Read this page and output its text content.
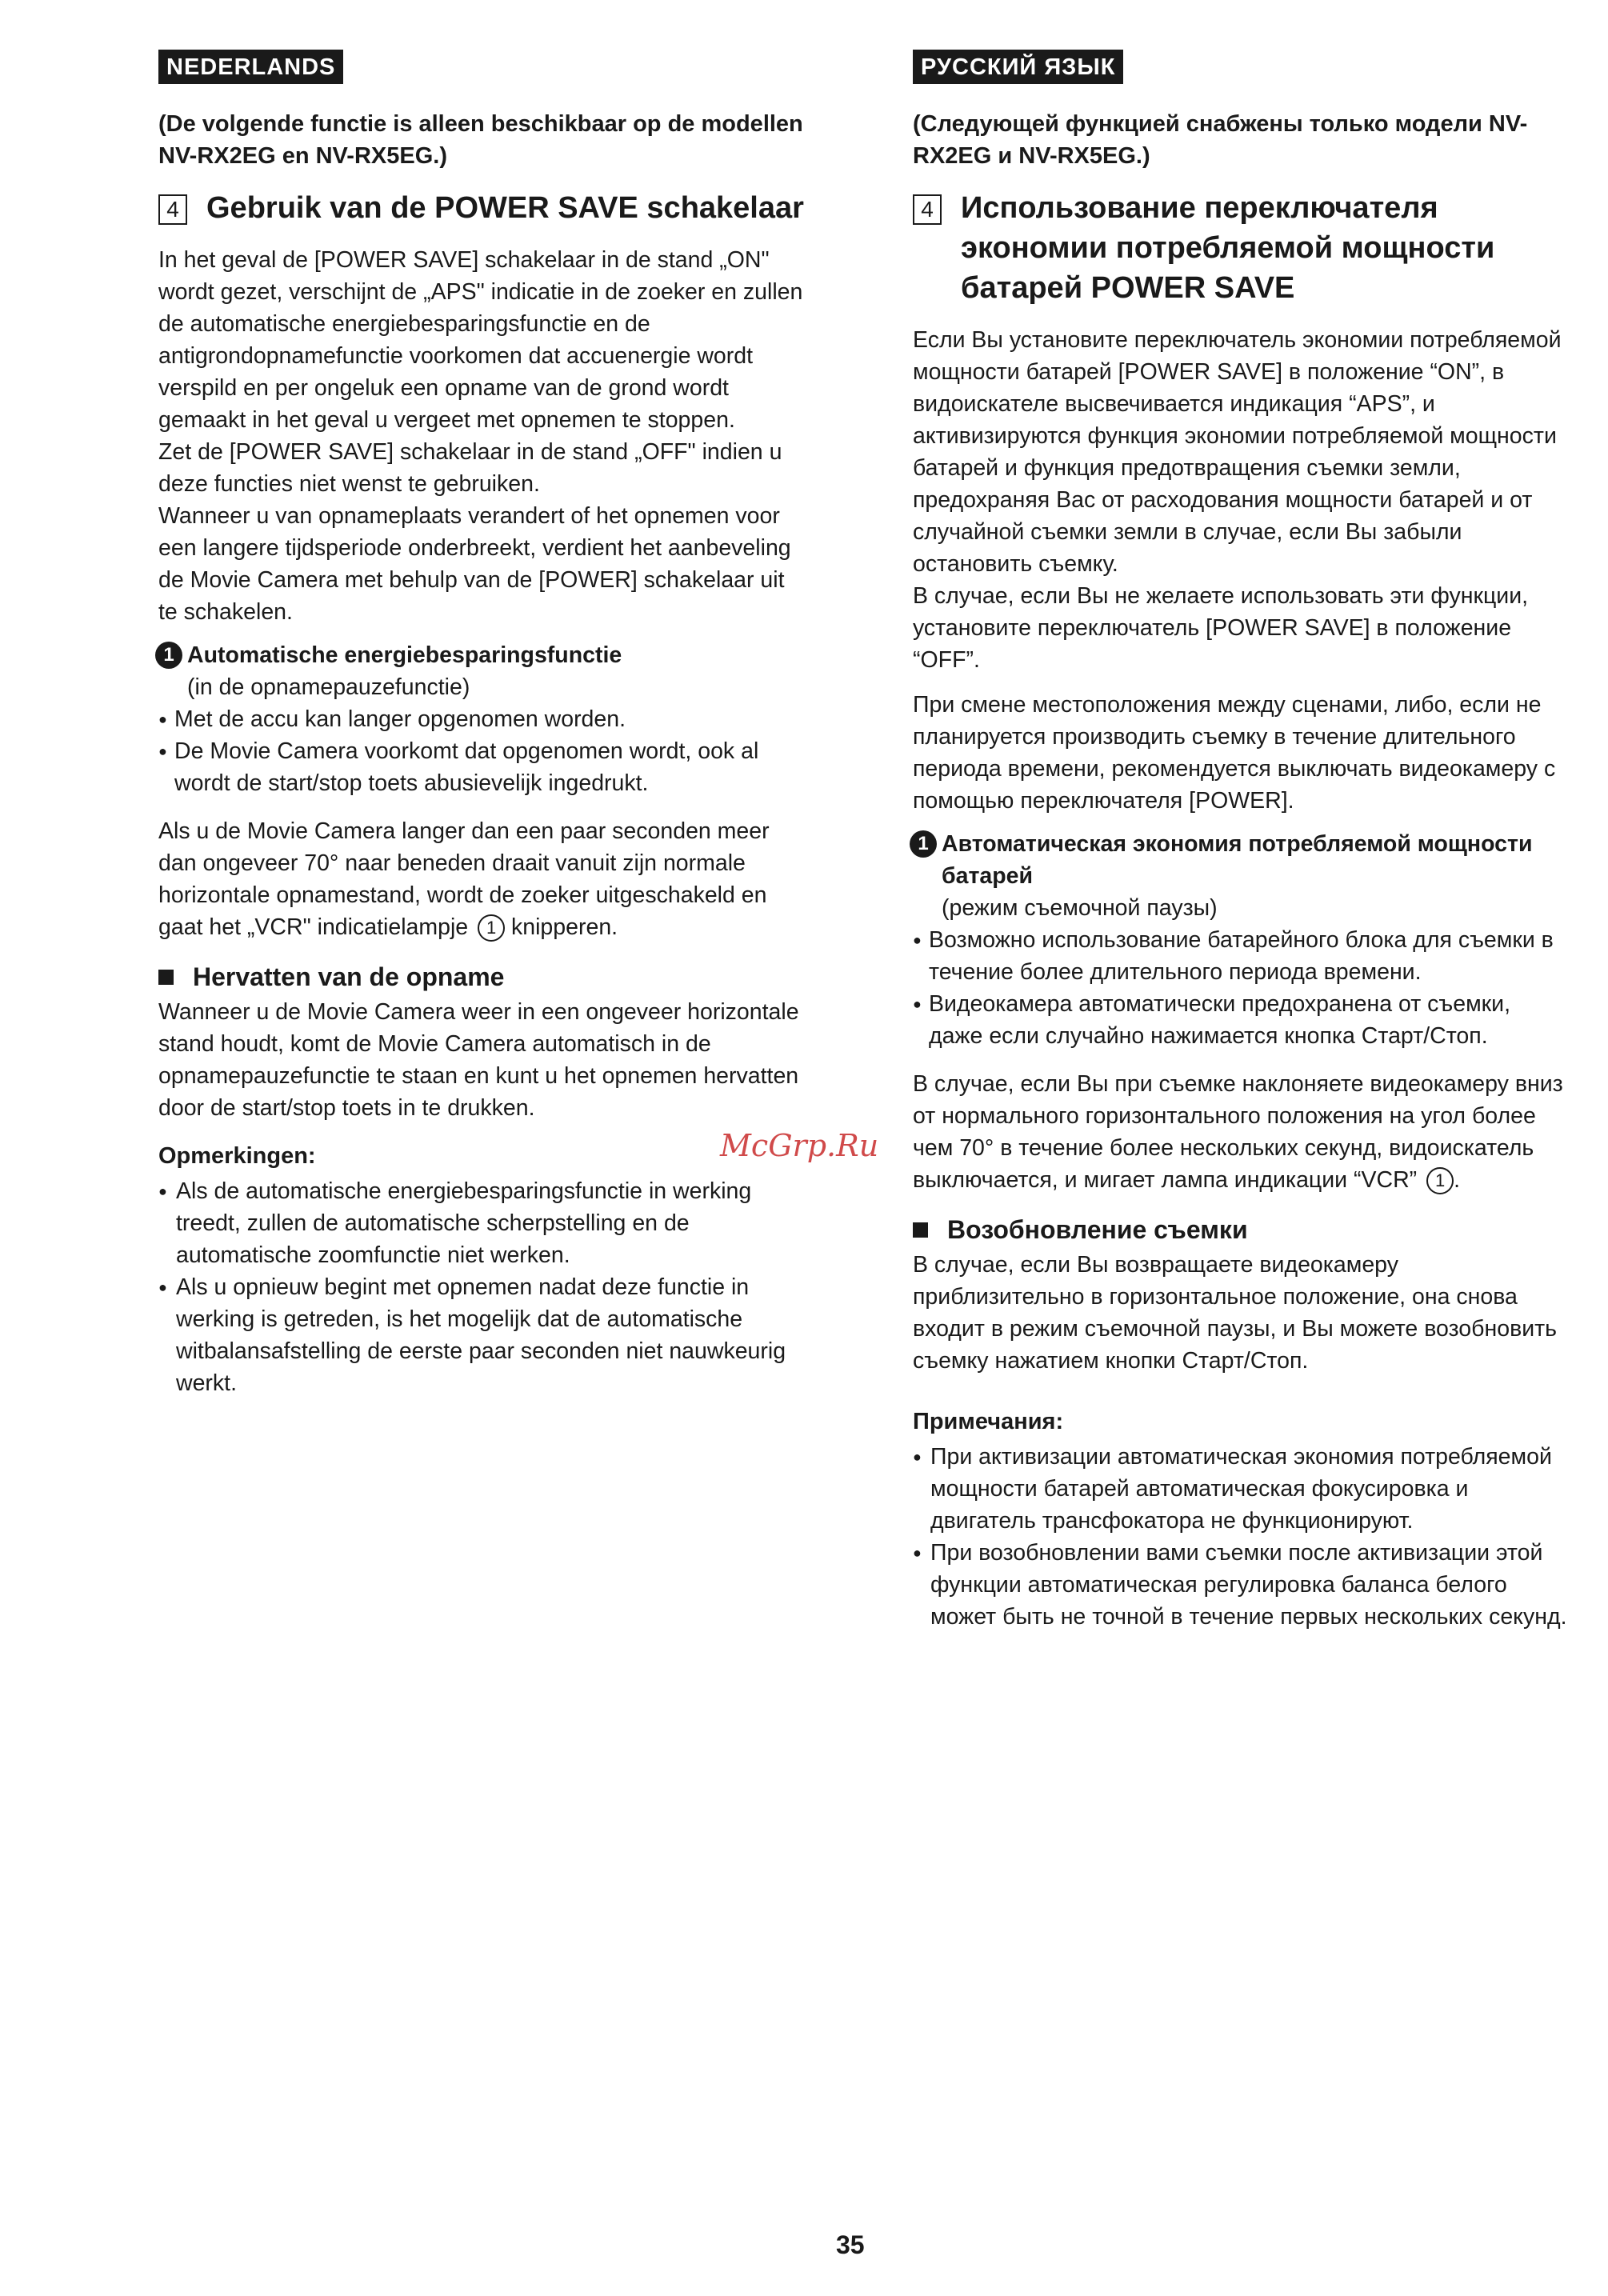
NEDERLANDS
(De volgende functie is alleen beschikbaar op de modellen NV-RX2EG en NV-RX5EG.)
4 Gebruik van de POWER SAVE schakelaar

In het geval de [POWER SAVE] schakelaar in de stand „ON" wordt gezet, verschijnt de „APS" indicatie in de zoeker en zullen de automatische energiebesparingsfunctie en de antigrondopnamefunctie voorkomen dat accuenergie wordt verspild en per ongeluk een opname van de grond wordt gemaakt in het geval u vergeet met opnemen te stoppen.

Zet de [POWER SAVE] schakelaar in de stand „OFF" indien u deze functies niet wenst te gebruiken.

Wanneer u van opnameplaats verandert of het opnemen voor een langere tijdsperiode onderbreekt, verdient het aanbeveling de Movie Camera met behulp van de [POWER] schakelaar uit te schakelen.

1 Automatische energiebesparingsfunctie
(in de opnamepauzefunctie)
● Met de accu kan langer opgenomen worden.
● De Movie Camera voorkomt dat opgenomen wordt, ook al wordt de start/stop toets abusievelijk ingedrukt.
Als u de Movie Camera langer dan een paar seconden meer dan ongeveer 70° naar beneden draait vanuit zijn normale horizontale opnamestand, wordt de zoeker uitgeschakeld en gaat het „VCR" indicatielampje 1 knipperen.
Hervatten van de opname
Wanneer u de Movie Camera weer in een ongeveer horizontale stand houdt, komt de Movie Camera automatisch in de opnamepauzefunctie te staan en kunt u het opnemen hervatten door de start/stop toets in te drukken.
Opmerkingen:
● Als de automatische energiebesparingsfunctie in werking treedt, zullen de automatische scherpstelling en de automatische zoomfunctie niet werken.
● Als u opnieuw begint met opnemen nadat deze functie in werking is getreden, is het mogelijk dat de automatische witbalansafstelling de eerste paar seconden niet nauwkeurig werkt.
РУССКИЙ ЯЗЫК
(Следующей функцией снабжены только модели NV-RX2EG и NV-RX5EG.)
4 Использование переключателя экономии потребляемой мощности батарей POWER SAVE

Если Вы установите переключатель экономии потребляемой мощности батарей [POWER SAVE] в положение “ON”, в видоискателе высвечивается индикация “APS”, и активизируются функция экономии потребляемой мощности батарей и функция предотвращения съемки земли, предохраняя Вас от расходования мощности батарей и от случайной съемки земли в случае, если Вы забыли остановить съемку.

В случае, если Вы не желаете использовать эти функции, установите переключатель [POWER SAVE] в положение “OFF”.

При смене местоположения между сценами, либо, если не планируется производить съемку в течение длительного периода времени, рекомендуется выключать видеокамеру с помощью переключателя [POWER].

1 Автоматическая экономия потребляемой мощности батарей
(режим съемочной паузы)
● Возможно использование батарейного блока для съемки в течение более длительного периода времени.
● Видеокамера автоматически предохранена от съемки, даже если случайно нажимается кнопка Старт/Стоп.
В случае, если Вы при съемке наклоняете видеокамеру вниз от нормального горизонтального положения на угол более чем 70° в течение более нескольких секунд, видоискатель выключается, и мигает лампа индикации “VCR” 1 .
Возобновление съемки
В случае, если Вы возвращаете видеокамеру приблизительно в горизонтальное положение, она снова входит в режим съемочной паузы, и Вы можете возобновить съемку нажатием кнопки Старт/Стоп.
Примечания:
● При активизации автоматическая экономия потребляемой мощности батарей автоматическая фокусировка и двигатель трансфокатора не функционируют.
● При возобновлении вами съемки после активизации этой функции автоматическая регулировка баланса белого может быть не точной в течение первых нескольких секунд.
McGrp.Ru
35
